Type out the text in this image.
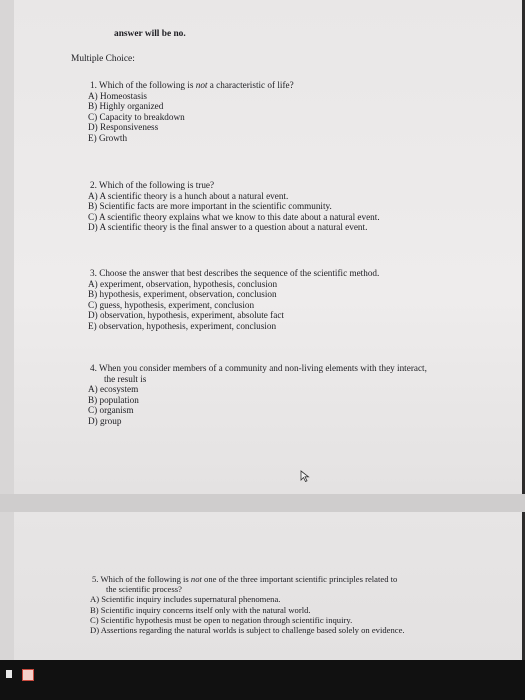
answer will be no.
Multiple Choice:
1. Which of the following is not a characteristic of life?
A) Homeostasis
B) Highly organized
C) Capacity to breakdown
D) Responsiveness
E) Growth
2. Which of the following is true?
A) A scientific theory is a hunch about a natural event.
B) Scientific facts are more important in the scientific community.
C) A scientific theory explains what we know to this date about a natural event.
D) A scientific theory is the final answer to a question about a natural event.
3. Choose the answer that best describes the sequence of the scientific method.
A) experiment, observation, hypothesis, conclusion
B) hypothesis, experiment, observation, conclusion
C) guess, hypothesis, experiment, conclusion
D) observation, hypothesis, experiment, absolute fact
E) observation, hypothesis, experiment, conclusion
4. When you consider members of a community and non-living elements with they interact,
the result is
A) ecosystem
B) population
C) organism
D) group
5. Which of the following is not one of the three important scientific principles related to
the scientific process?
A) Scientific inquiry includes supernatural phenomena.
B) Scientific inquiry concerns itself only with the natural world.
C) Scientific hypothesis must be open to negation through scientific inquiry.
D) Assertions regarding the natural worlds is subject to challenge based solely on evidence.
